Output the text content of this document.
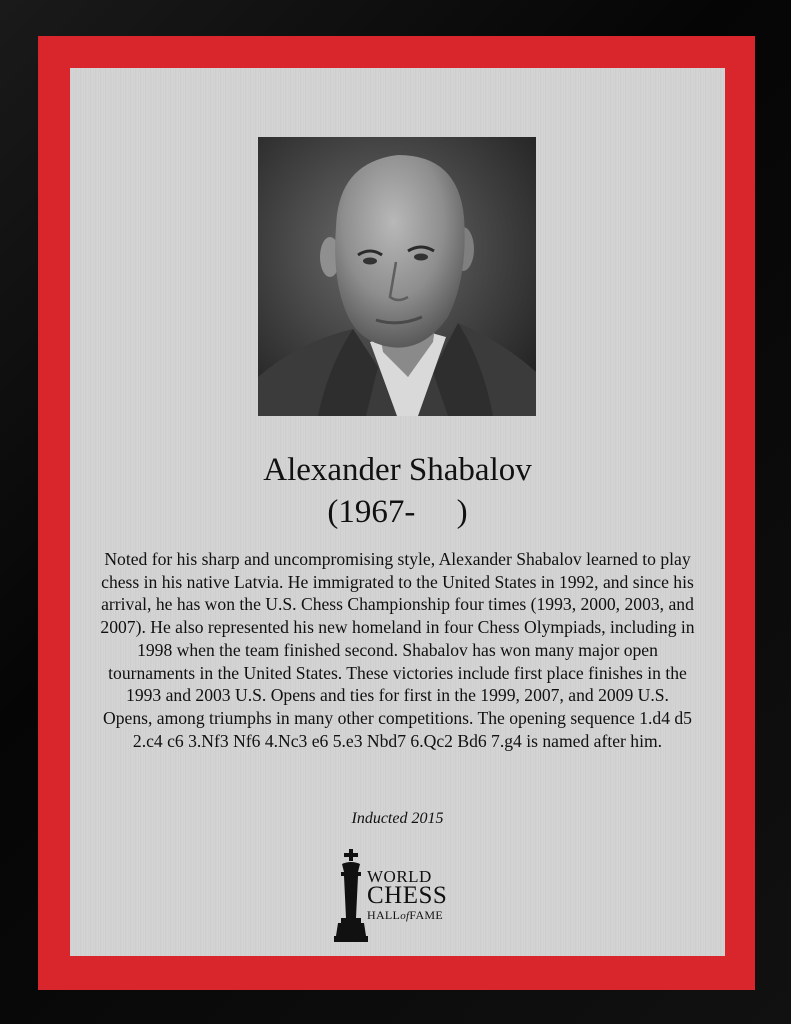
Alexander Shabalov
(1967-     )
Noted for his sharp and uncompromising style, Alexander Shabalov learned to play chess in his native Latvia. He immigrated to the United States in 1992, and since his arrival, he has won the U.S. Chess Championship four times (1993, 2000, 2003, and 2007). He also represented his new homeland in four Chess Olympiads, including in 1998 when the team finished second. Shabalov has won many major open tournaments in the United States. These victories include first place finishes in the 1993 and 2003 U.S. Opens and ties for first in the 1999, 2007, and 2009 U.S. Opens, among triumphs in many other competitions. The opening sequence 1.d4 d5 2.c4 c6 3.Nf3 Nf6 4.Nc3 e6 5.e3 Nbd7 6.Qc2 Bd6 7.g4 is named after him.
Inducted 2015
WORLD
CHESS
HALLofFAME
